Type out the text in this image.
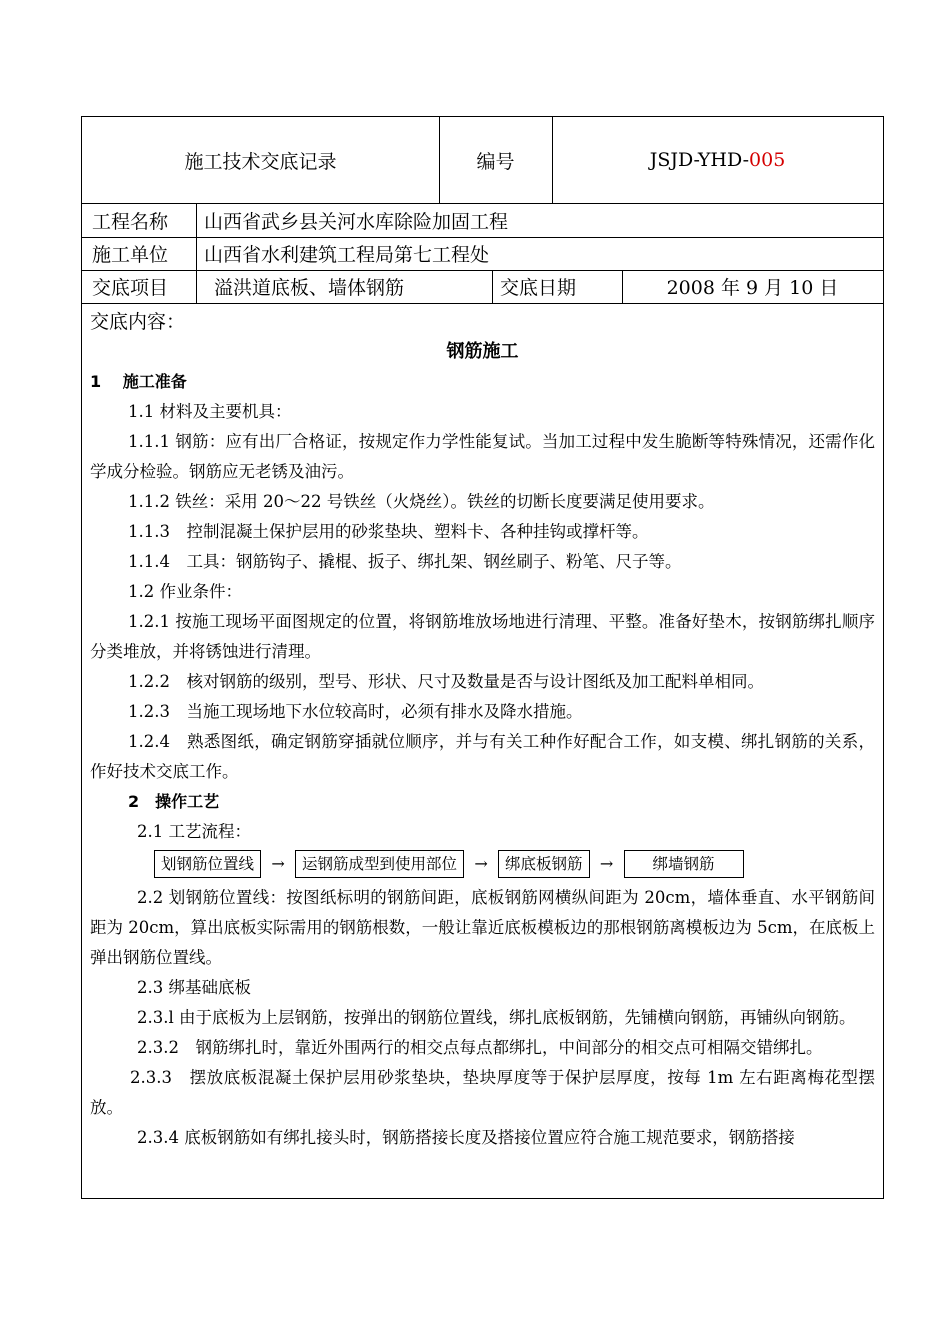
施工技术交底记录	编号	JSJD-YHD- 005
工程名称	山西省武乡县关河水库除险加固工程
施工单位	山西省水利建筑工程局第七工程处
交底项目	溢洪道底板、墙体钢筋	交底日期	2008 年 9 月 10 日

交底内容：

钢筋施工

1　 施工准备

1.1 材料及主要机具：

1.1.1 钢筋：应有出厂合格证，按规定作力学性能复试。当加工过程中发生脆断等特殊情况，还需作化学成分检验。钢筋应无老锈及油污。

1.1.2 铁丝：采用 20～22 号铁丝（火烧丝）。铁丝的切断长度要满足使用要求。

1.1.3　控制混凝土保护层用的砂浆垫块、塑料卡、各种挂钩或撑杆等。

1.1.4　工具：钢筋钩子、撬棍、扳子、绑扎架、钢丝刷子、粉笔、尺子等。

1.2 作业条件：

1.2.1 按施工现场平面图规定的位置，将钢筋堆放场地进行清理、平整。准备好垫木，按钢筋绑扎顺序分类堆放，并将锈蚀进行清理。

1.2.2　核对钢筋的级别，型号、形状、尺寸及数量是否与设计图纸及加工配料单相同。

1.2.3　当施工现场地下水位较高时，必须有排水及降水措施。

1.2.4　熟悉图纸，确定钢筋穿插就位顺序，并与有关工种作好配合工作，如支模、绑扎钢筋的关系，作好技术交底工作。

2　操作工艺

2.1 工艺流程：

划钢筋位置线	→	运钢筋成型到使用部位	→	绑底板钢筋	→	绑墙钢筋

2.2 划钢筋位置线：按图纸标明的钢筋间距，底板钢筋网横纵间距为 20cm，墙体垂直、水平钢筋间距为 20cm，算出底板实际需用的钢筋根数，一般让靠近底板模板边的那根钢筋离模板边为 5cm，在底板上弹出钢筋位置线。

2.3 绑基础底板

2.3.l 由于底板为上层钢筋，按弹出的钢筋位置线，绑扎底板钢筋，先铺横向钢筋，再铺纵向钢筋。

2.3.2　钢筋绑扎时，靠近外围两行的相交点每点都绑扎，中间部分的相交点可相隔交错绑扎。

2.3.3　摆放底板混凝土保护层用砂浆垫块，垫块厚度等于保护层厚度，按每 1m 左右距离梅花型摆放。

2.3.4 底板钢筋如有绑扎接头时，钢筋搭接长度及搭接位置应符合施工规范要求，钢筋搭接
